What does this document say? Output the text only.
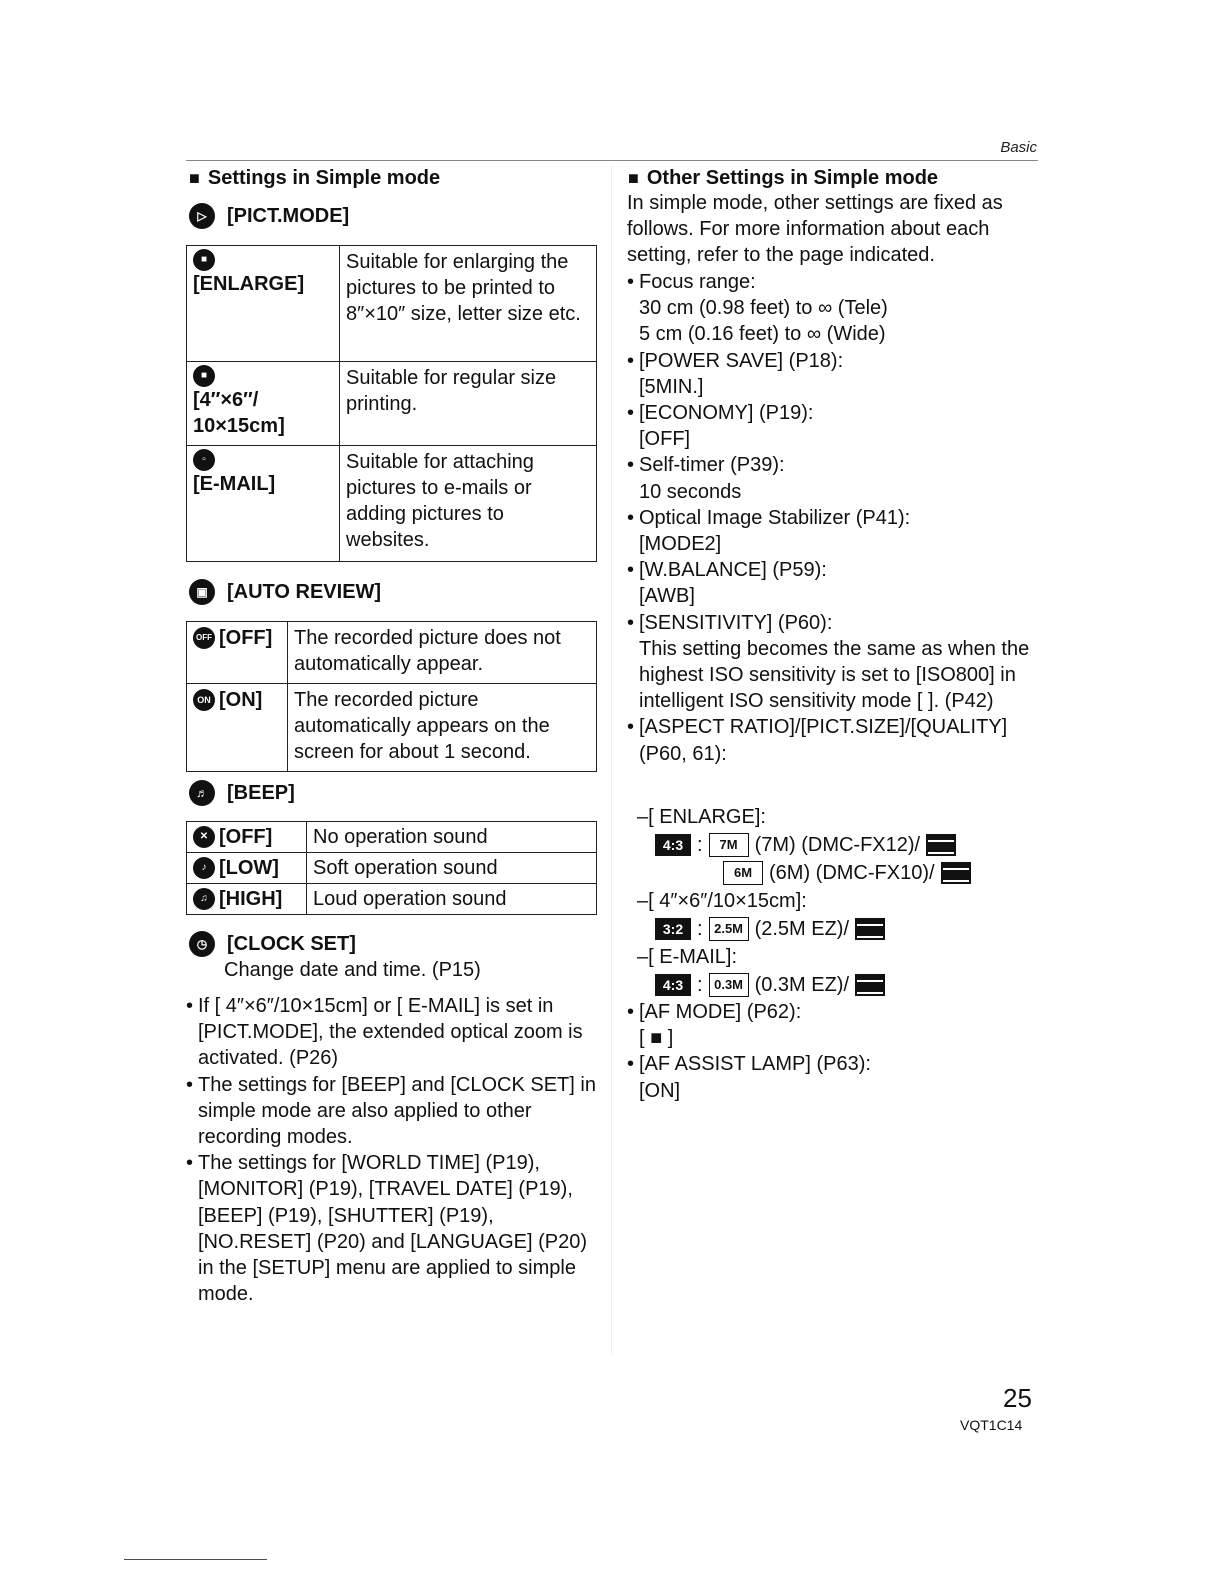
Basic
■ Settings in Simple mode
▷	[PICT.MODE]
■
[ENLARGE]	Suitable for enlarging the pictures to be printed to 8″×10″ size, letter size etc.

■
[4″×6″/ 10×15cm]	Suitable for regular size printing.

▫
[E-MAIL]	Suitable for attaching pictures to e-mails or adding pictures to websites.
▣ [AUTO REVIEW]
OFF [OFF]	The recorded picture does not automatically appear.

ON [ON]	The recorded picture automatically appears on the screen for about 1 second.
♬ [BEEP]
✕ [OFF]	No operation sound

♪ [LOW]	Soft operation sound

♫ [HIGH]	Loud operation sound
◷ [CLOCK SET]
Change date and time. (P15)
• If [ 4″×6″/10×15cm] or [ E-MAIL] is set in [PICT.MODE], the extended optical zoom is activated. (P26)
• The settings for [BEEP] and [CLOCK SET] in simple mode are also applied to other recording modes.
• The settings for [WORLD TIME] (P19), [MONITOR] (P19), [TRAVEL DATE] (P19), [BEEP] (P19), [SHUTTER] (P19), [NO.RESET] (P20) and [LANGUAGE] (P20) in the [SETUP] menu are applied to simple mode.
■ Other Settings in Simple mode
In simple mode, other settings are fixed as follows. For more information about each setting, refer to the page indicated.
• Focus range:
30 cm (0.98 feet) to ∞ (Tele)
5 cm (0.16 feet) to ∞ (Wide)
• [POWER SAVE] (P18):
[5MIN.]
• [ECONOMY] (P19):
[OFF]
• Self-timer (P39):
10 seconds
• Optical Image Stabilizer (P41):
[MODE2]
• [W.BALANCE] (P59):
[AWB]
• [SENSITIVITY] (P60):
This setting becomes the same as when the highest ISO sensitivity is set to [ISO800] in intelligent ISO sensitivity mode [ ]. (P42)
• [ASPECT RATIO]/[PICT.SIZE]/[QUALITY] (P60, 61):
–[ ENLARGE]:
4:3 :	7M (7M) (DMC-FX12)/
6M (6M) (DMC-FX10)/
–[ 4″×6″/10×15cm]:
3:2 : 2.5M (2.5M EZ)/
–[ E-MAIL]:
4:3 : 0.3M (0.3M EZ)/
• [AF MODE] (P62):
[ ■ ]
• [AF ASSIST LAMP] (P63):
[ON]
25
VQT1C14
